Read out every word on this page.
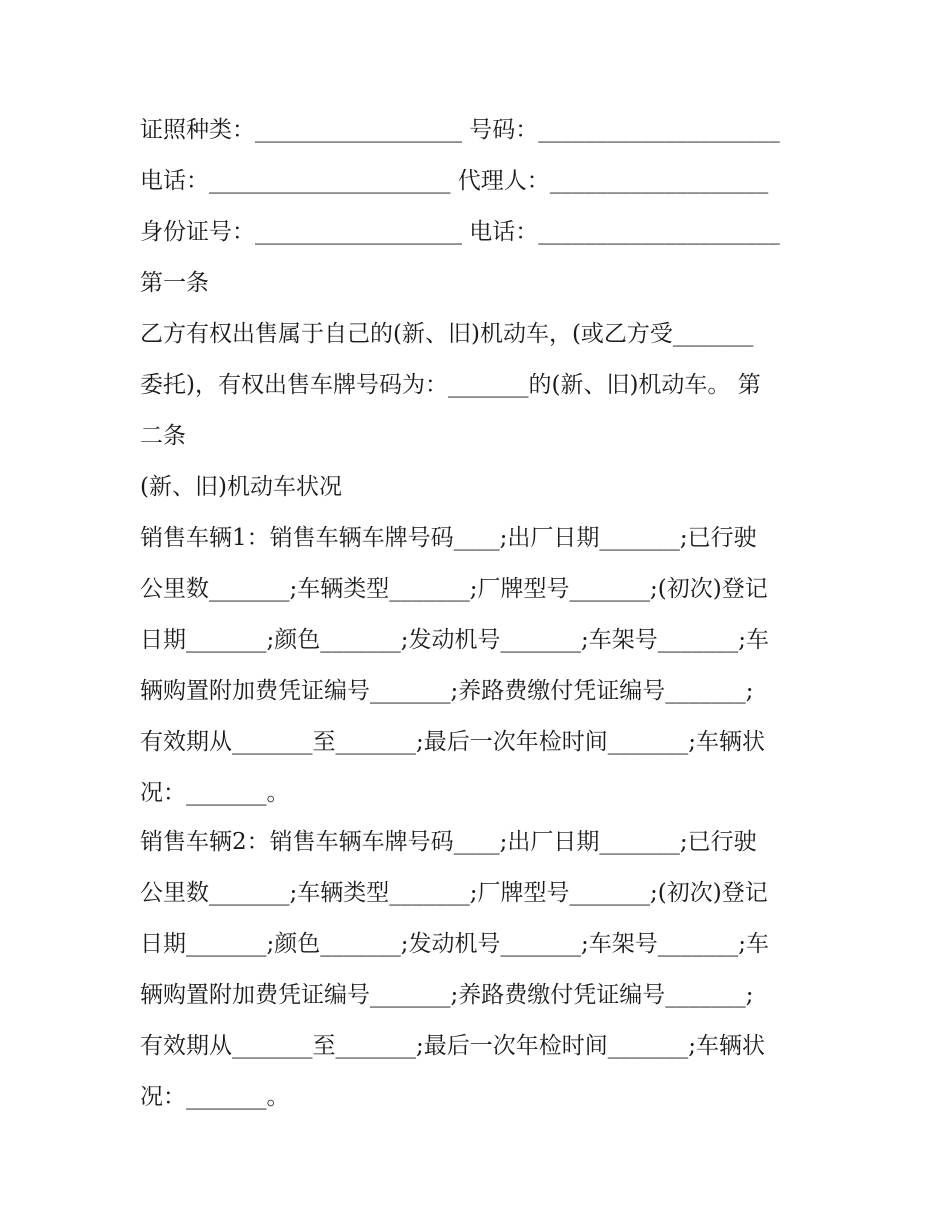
证照种类：__________________ 号码：_____________________
电话：_____________________ 代理人：___________________
身份证号：__________________ 电话：_____________________
第一条
乙方有权出售属于自己的(新、旧)机动车，(或乙方受_______
委托)，有权出售车牌号码为：_______的(新、旧)机动车。 第
二条
(新、旧)机动车状况
销售车辆1：销售车辆车牌号码____;出厂日期_______;已行驶
公里数_______;车辆类型_______;厂牌型号_______;(初次)登记
日期_______;颜色_______;发动机号_______;车架号_______;车
辆购置附加费凭证编号_______;养路费缴付凭证编号_______;
有效期从_______至_______;最后一次年检时间_______;车辆状
况：_______。
销售车辆2：销售车辆车牌号码____;出厂日期_______;已行驶
公里数_______;车辆类型_______;厂牌型号_______;(初次)登记
日期_______;颜色_______;发动机号_______;车架号_______;车
辆购置附加费凭证编号_______;养路费缴付凭证编号_______;
有效期从_______至_______;最后一次年检时间_______;车辆状
况：_______。
